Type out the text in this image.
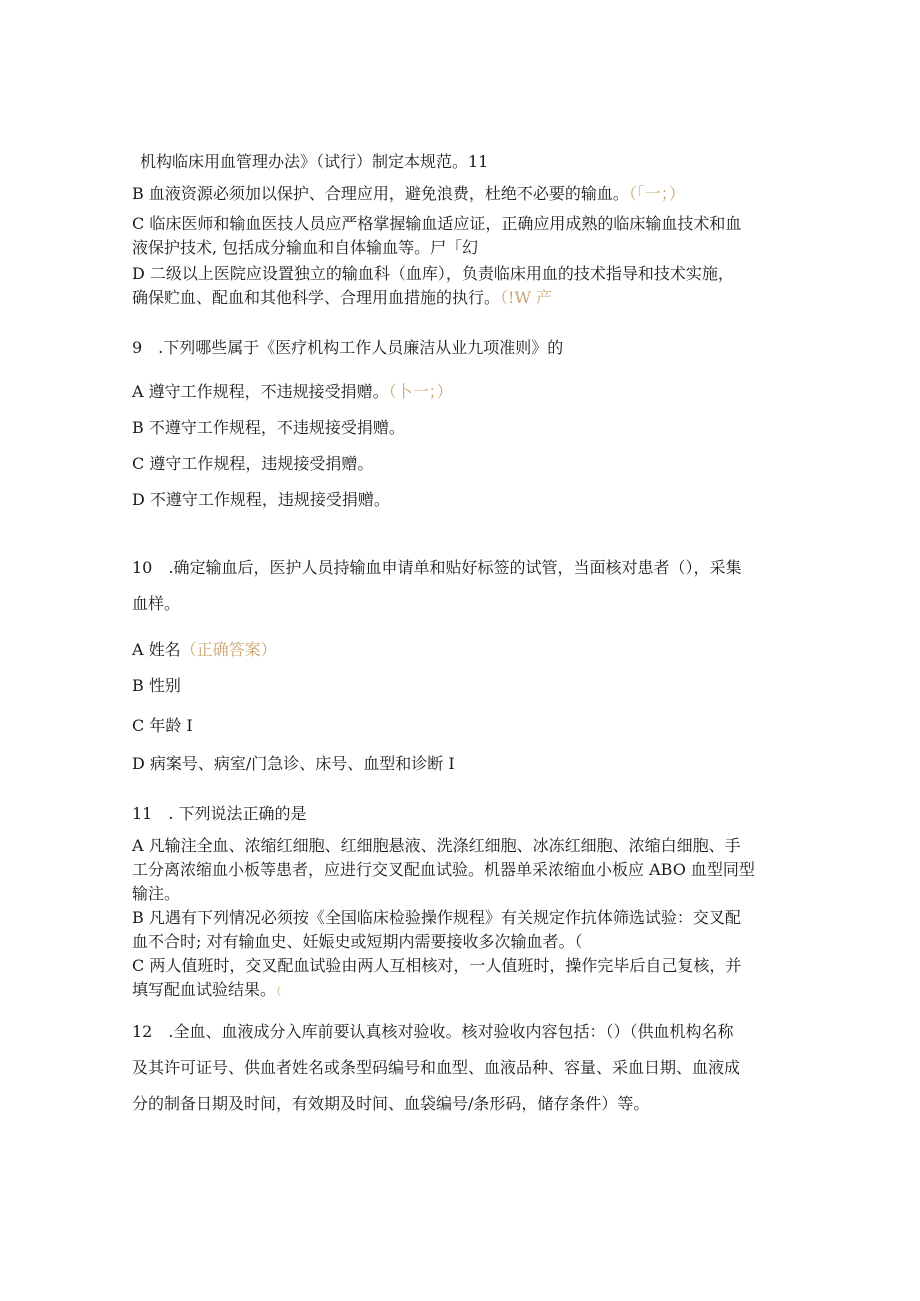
机构临床用血管理办法》（试行）制定本规范。11
B 血液资源必须加以保护、合理应用，避免浪费，杜绝不必要的输血。（「一；）
C 临床医师和输血医技人员应严格掌握输血适应证，正确应用成熟的临床输血技术和血
液保护技术, 包括成分输血和自体输血等。尸「幻
D 二级以上医院应设置独立的输血科（血库），负责临床用血的技术指导和技术实施，
确保贮血、配血和其他科学、合理用血措施的执行。（!W 产
9　.下列哪些属于《医疗机构工作人员廉洁从业九项准则》的
A 遵守工作规程，不违规接受捐赠。（卜一；）
B 不遵守工作规程，不违规接受捐赠。
C 遵守工作规程，违规接受捐赠。
D 不遵守工作规程，违规接受捐赠。
10　.确定输血后，医护人员持输血申请单和贴好标签的试管，当面核对患者（），采集
血样。
A 姓名（正确答案）
B 性别
C 年龄 I
D 病案号、病室/门急诊、床号、血型和诊断 I
11　. 下列说法正确的是
A 凡输注全血、浓缩红细胞、红细胞悬液、洗涤红细胞、冰冻红细胞、浓缩白细胞、手
工分离浓缩血小板等患者，应进行交叉配血试验。机器单采浓缩血小板应 ABO 血型同型
输注。
B 凡遇有下列情况必须按《全国临床检验操作规程》有关规定作抗体筛选试验：交叉配
血不合时; 对有输血史、妊娠史或短期内需要接收多次输血者。（
C 两人值班时，交叉配血试验由两人互相核对，一人值班时，操作完毕后自己复核，并
填写配血试验结果。（
12　.全血、血液成分入库前要认真核对验收。核对验收内容包括：（）（供血机构名称
及其许可证号、供血者姓名或条型码编号和血型、血液品种、容量、采血日期、血液成
分的制备日期及时间，有效期及时间、血袋编号/条形码，储存条件）等。
